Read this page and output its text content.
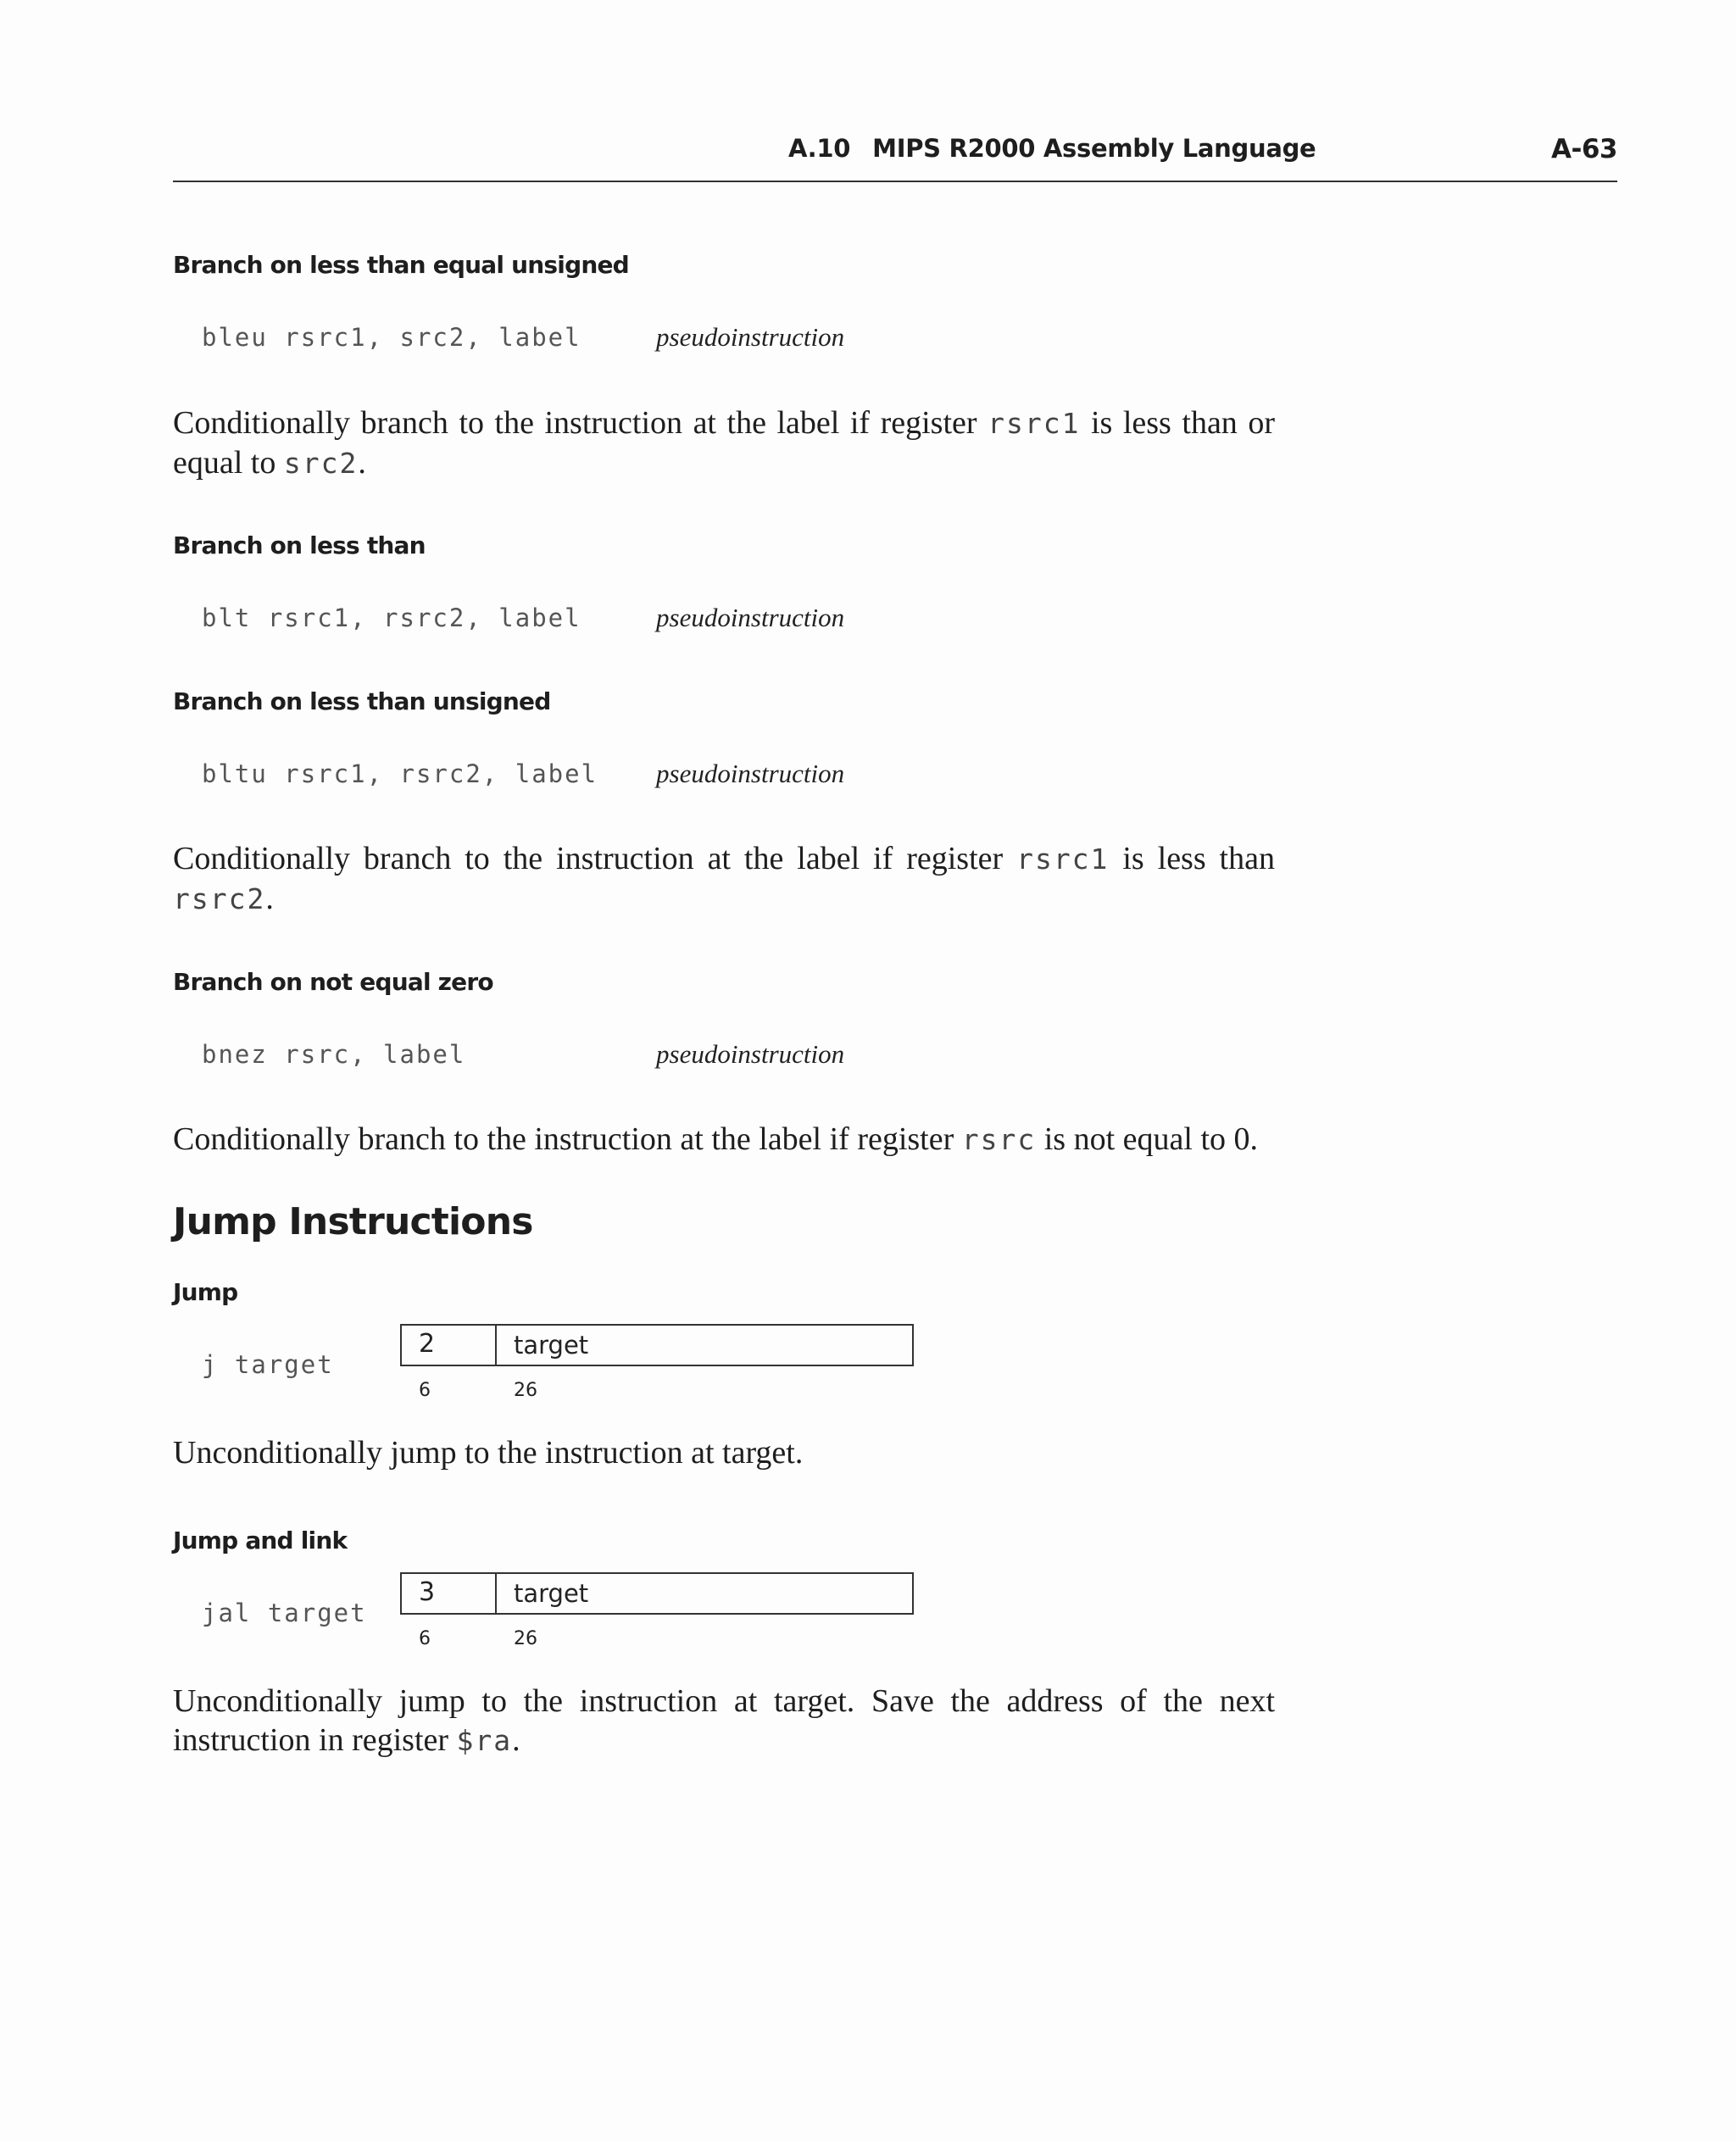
A.10 MIPS R2000 Assembly Language	A-63
Branch on less than equal unsigned
bleu rsrc1, src2, label	pseudoinstruction
Conditionally branch to the instruction at the label if register rsrc1 is less than or equal to src2.
Branch on less than
blt rsrc1, rsrc2, label	pseudoinstruction
Branch on less than unsigned
bltu rsrc1, rsrc2, label pseudoinstruction
Conditionally branch to the instruction at the label if register rsrc1 is less than rsrc2.
Branch on not equal zero
bnez rsrc, label	pseudoinstruction
Conditionally branch to the instruction at the label if register rsrc is not equal to 0.
Jump Instructions
Jump
j target
2	target
6	26
Unconditionally jump to the instruction at target.
Jump and link
jal target
3	target
6	26
Unconditionally jump to the instruction at target. Save the address of the next instruction in register $ra.
